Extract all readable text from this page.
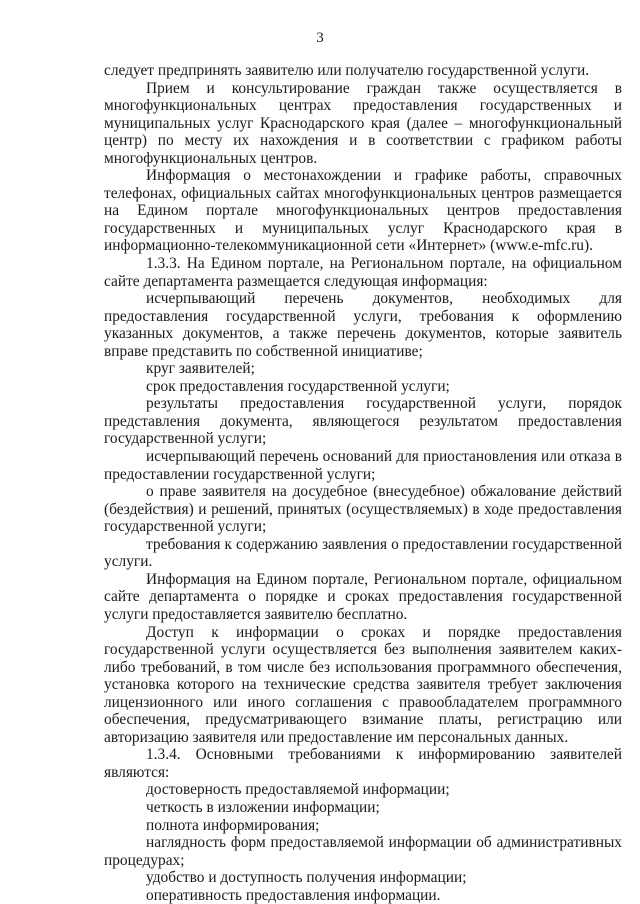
3

следует предпринять заявителю или получателю государственной услуги.

Прием и консультирование граждан также осуществляется в многофункциональных центрах предоставления государственных и муниципальных услуг Краснодарского края (далее – многофункциональный центр) по месту их нахождения и в соответствии с графиком работы многофункциональных центров.

Информация о местонахождении и графике работы, справочных телефонах, официальных сайтах многофункциональных центров размещается на Едином портале многофункциональных центров предоставления государственных и муниципальных услуг Краснодарского края в информационно-телекоммуникационной сети «Интернет» (www.e-mfc.ru).

1.3.3. На Едином портале, на Региональном портале, на официальном сайте департамента размещается следующая информация:

исчерпывающий перечень документов, необходимых для предоставления государственной услуги, требования к оформлению указанных документов, а также перечень документов, которые заявитель вправе представить по собственной инициативе;

круг заявителей;

срок предоставления государственной услуги;

результаты предоставления государственной услуги, порядок представления документа, являющегося результатом предоставления государственной услуги;

исчерпывающий перечень оснований для приостановления или отказа в предоставлении государственной услуги;

о праве заявителя на досудебное (внесудебное) обжалование действий (бездействия) и решений, принятых (осуществляемых) в ходе предоставления государственной услуги;

требования к содержанию заявления о предоставлении государственной услуги.

Информация на Едином портале, Региональном портале, официальном сайте департамента о порядке и сроках предоставления государственной услуги предоставляется заявителю бесплатно.

Доступ к информации о сроках и порядке предоставления государственной услуги осуществляется без выполнения заявителем каких-либо требований, в том числе без использования программного обеспечения, установка которого на технические средства заявителя требует заключения лицензионного или иного соглашения с правообладателем программного обеспечения, предусматривающего взимание платы, регистрацию или авторизацию заявителя или предоставление им персональных данных.

1.3.4. Основными требованиями к информированию заявителей являются:

достоверность предоставляемой информации;

четкость в изложении информации;

полнота информирования;

наглядность форм предоставляемой информации об административных процедурах;

удобство и доступность получения информации;

оперативность предоставления информации.
